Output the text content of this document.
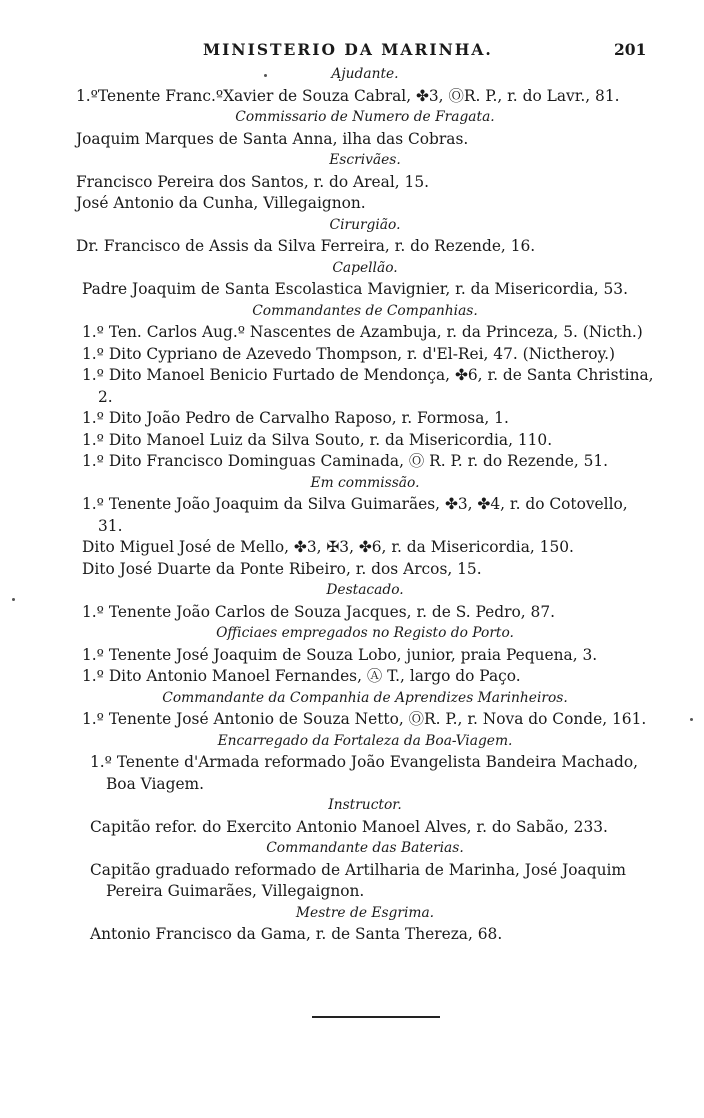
MINISTERIO DA MARINHA.	201
Ajudante.
1.ºTenente Franc.ºXavier de Souza Cabral, ✤3, ⓄR. P., r. do Lavr., 81.
Commissario de Numero de Fragata.
Joaquim Marques de Santa Anna, ilha das Cobras.
Escrivães.
Francisco Pereira dos Santos, r. do Areal, 15.
José Antonio da Cunha, Villegaignon.
Cirurgião.
Dr. Francisco de Assis da Silva Ferreira, r. do Rezende, 16.
Capellão.
Padre Joaquim de Santa Escolastica Mavignier, r. da Misericordia, 53.
Commandantes de Companhias.
1.º Ten. Carlos Aug.º Nascentes de Azambuja, r. da Princeza, 5. (Nicth.)
1.º Dito Cypriano de Azevedo Thompson, r. d'El-Rei, 47. (Nictheroy.)
1.º Dito Manoel Benicio Furtado de Mendonça, ✤6, r. de Santa Christina, 2.
1.º Dito João Pedro de Carvalho Raposo, r. Formosa, 1.
1.º Dito Manoel Luiz da Silva Souto, r. da Misericordia, 110.
1.º Dito Francisco Dominguas Caminada, Ⓞ R. P. r. do Rezende, 51.
Em commissão.
1.º Tenente João Joaquim da Silva Guimarães, ✤3, ✤4, r. do Cotovello, 31.
Dito Miguel José de Mello, ✤3, ✠3, ✤6, r. da Misericordia, 150.
Dito José Duarte da Ponte Ribeiro, r. dos Arcos, 15.
Destacado.
1.º Tenente João Carlos de Souza Jacques, r. de S. Pedro, 87.
Officiaes empregados no Registo do Porto.
1.º Tenente José Joaquim de Souza Lobo, junior, praia Pequena, 3.
1.º Dito Antonio Manoel Fernandes, Ⓐ T., largo do Paço.
Commandante da Companhia de Aprendizes Marinheiros.
1.º Tenente José Antonio de Souza Netto, ⓄR. P., r. Nova do Conde, 161.
Encarregado da Fortaleza da Boa-Viagem.
1.º Tenente d'Armada reformado João Evangelista Bandeira Machado, Boa Viagem.
Instructor.
Capitão refor. do Exercito Antonio Manoel Alves, r. do Sabão, 233.
Commandante das Baterias.
Capitão graduado reformado de Artilharia de Marinha, José Joaquim Pereira Guimarães, Villegaignon.
Mestre de Esgrima.
Antonio Francisco da Gama, r. de Santa Thereza, 68.
